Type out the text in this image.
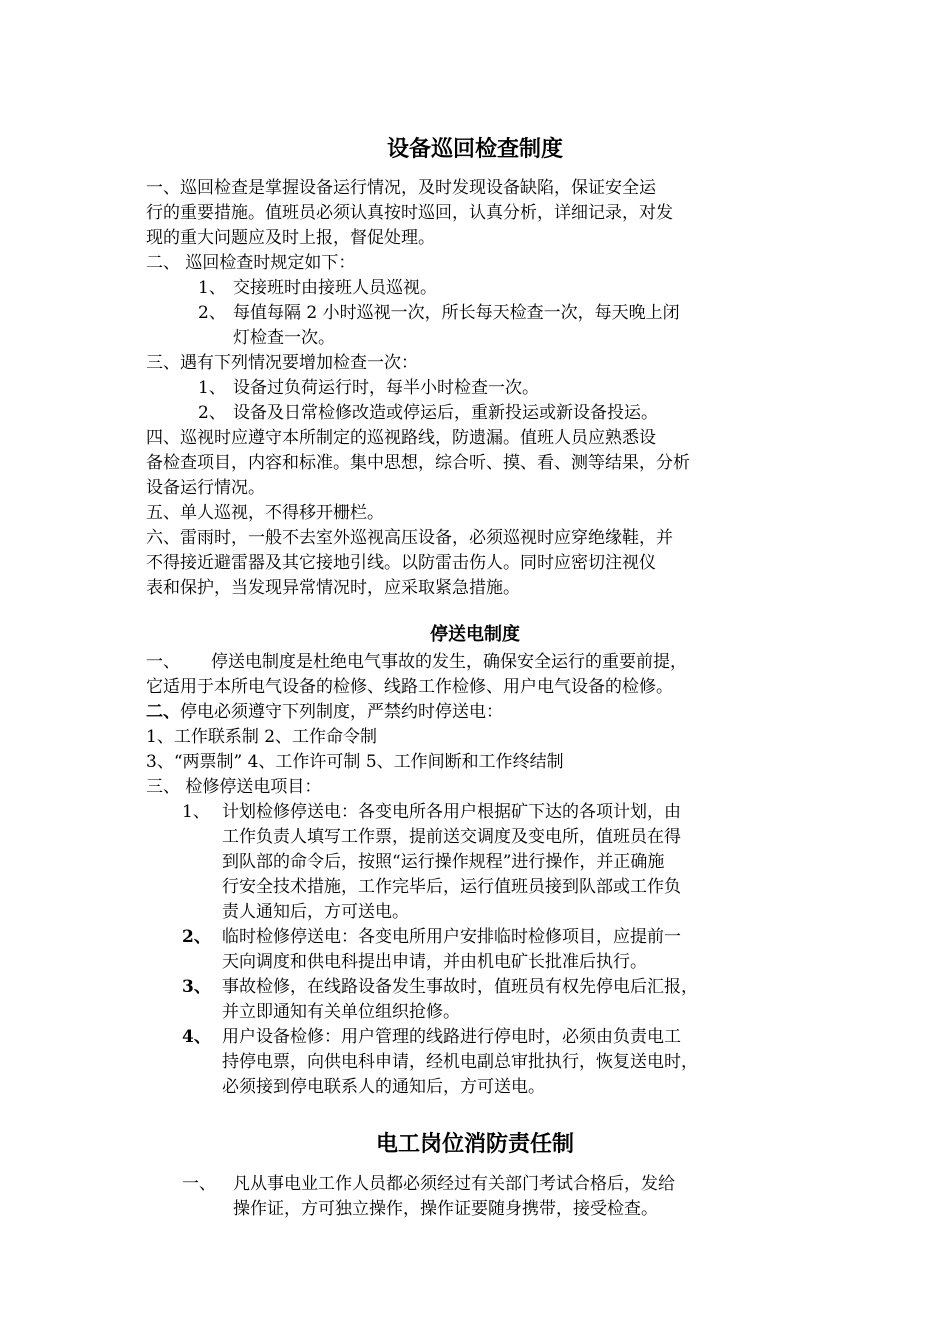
设备巡回检查制度
一、巡回检查是掌握设备运行情况，及时发现设备缺陷，保证安全运
行的重要措施。值班员必须认真按时巡回，认真分析，详细记录，对发
现的重大问题应及时上报，督促处理。
二、 巡回检查时规定如下：
1、 交接班时由接班人员巡视。
2、 每值每隔 2 小时巡视一次，所长每天检查一次，每天晚上闭
灯检查一次。
三、遇有下列情况要增加检查一次：
1、 设备过负荷运行时，每半小时检查一次。
2、 设备及日常检修改造或停运后，重新投运或新设备投运。
四、巡视时应遵守本所制定的巡视路线，防遗漏。值班人员应熟悉设
备检查项目，内容和标准。集中思想，综合听、摸、看、测等结果，分析
设备运行情况。
五、单人巡视，不得移开栅栏。
六、雷雨时，一般不去室外巡视高压设备，必须巡视时应穿绝缘鞋，并
不得接近避雷器及其它接地引线。以防雷击伤人。同时应密切注视仪
表和保护，当发现异常情况时，应采取紧急措施。
停送电制度
一、 停送电制度是杜绝电气事故的发生，确保安全运行的重要前提，
它适用于本所电气设备的检修、线路工作检修、用户电气设备的检修。
二、 停电必须遵守下列制度，严禁约时停送电：
1、工作联系制 2、工作命令制
3、“两票制” 4、工作许可制 5、工作间断和工作终结制
三、 检修停送电项目：
1、 计划检修停送电：各变电所各用户根据矿下达的各项计划，由
工作负责人填写工作票，提前送交调度及变电所，值班员在得
到队部的命令后，按照“运行操作规程”进行操作，并正确施
行安全技术措施，工作完毕后，运行值班员接到队部或工作负
责人通知后，方可送电。
2、 临时检修停送电：各变电所用户安排临时检修项目，应提前一
天向调度和供电科提出申请，并由机电矿长批准后执行。
3、 事故检修，在线路设备发生事故时，值班员有权先停电后汇报，
并立即通知有关单位组织抢修。
4、 用户设备检修：用户管理的线路进行停电时，必须由负责电工
持停电票，向供电科申请，经机电副总审批执行，恢复送电时，
必须接到停电联系人的通知后，方可送电。
电工岗位消防责任制
一、 凡从事电业工作人员都必须经过有关部门考试合格后，发给
操作证，方可独立操作，操作证要随身携带，接受检查。
